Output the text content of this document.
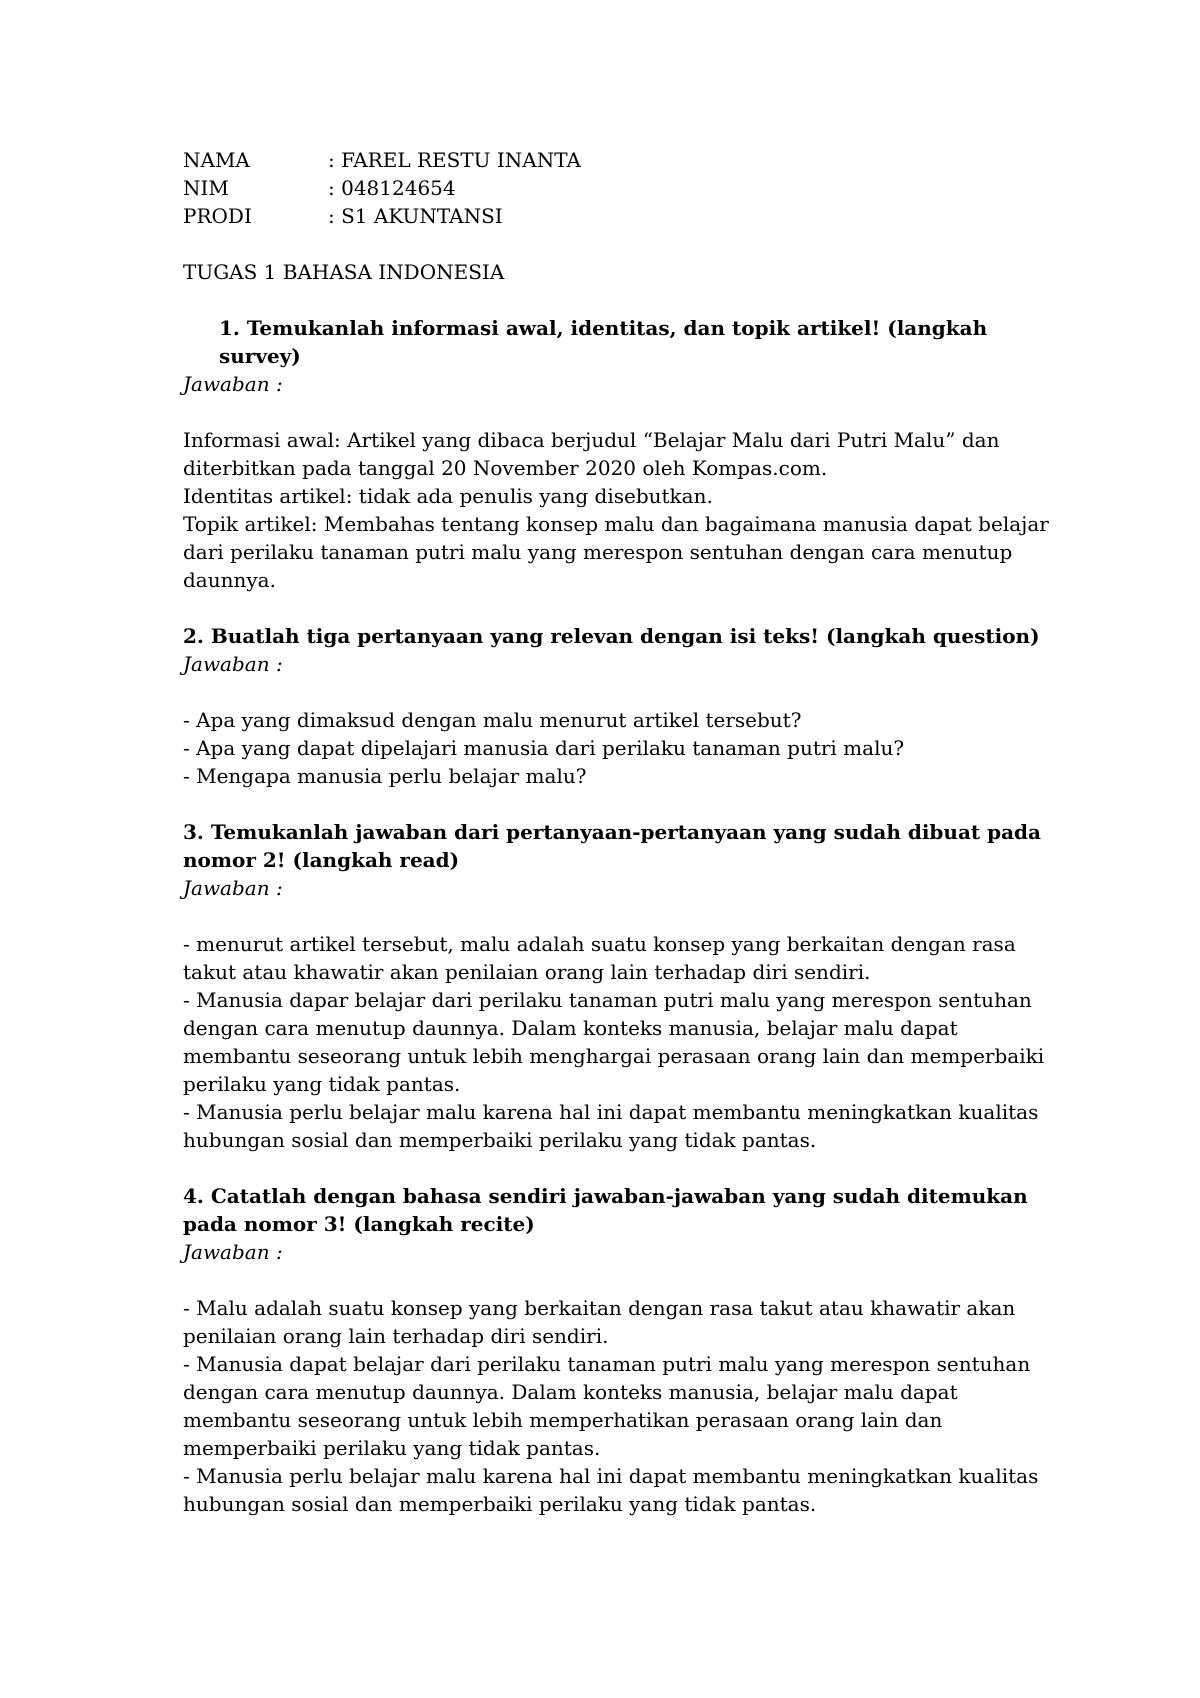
NAMA	: FAREL RESTU INANTA
NIM	: 048124654
PRODI	: S1 AKUNTANSI
TUGAS 1 BAHASA INDONESIA
1. Temukanlah informasi awal, identitas, dan topik artikel! (langkah survey)
Jawaban :

Informasi awal: Artikel yang dibaca berjudul “Belajar Malu dari Putri Malu” dan diterbitkan pada tanggal 20 November 2020 oleh Kompas.com.

Identitas artikel: tidak ada penulis yang disebutkan.

Topik artikel: Membahas tentang konsep malu dan bagaimana manusia dapat belajar dari perilaku tanaman putri malu yang merespon sentuhan dengan cara menutup daunnya.

2. Buatlah tiga pertanyaan yang relevan dengan isi teks! (langkah question)
Jawaban :

- Apa yang dimaksud dengan malu menurut artikel tersebut?

- Apa yang dapat dipelajari manusia dari perilaku tanaman putri malu?

- Mengapa manusia perlu belajar malu?

3. Temukanlah jawaban dari pertanyaan-pertanyaan yang sudah dibuat pada nomor 2! (langkah read)
Jawaban :

- menurut artikel tersebut, malu adalah suatu konsep yang berkaitan dengan rasa takut atau khawatir akan penilaian orang lain terhadap diri sendiri.

- Manusia dapar belajar dari perilaku tanaman putri malu yang merespon sentuhan dengan cara menutup daunnya. Dalam konteks manusia, belajar malu dapat membantu seseorang untuk lebih menghargai perasaan orang lain dan memperbaiki perilaku yang tidak pantas.

- Manusia perlu belajar malu karena hal ini dapat membantu meningkatkan kualitas hubungan sosial dan memperbaiki perilaku yang tidak pantas.

4. Catatlah dengan bahasa sendiri jawaban-jawaban yang sudah ditemukan pada nomor 3! (langkah recite)
Jawaban :

- Malu adalah suatu konsep yang berkaitan dengan rasa takut atau khawatir akan penilaian orang lain terhadap diri sendiri.

- Manusia dapat belajar dari perilaku tanaman putri malu yang merespon sentuhan dengan cara menutup daunnya. Dalam konteks manusia, belajar malu dapat membantu seseorang untuk lebih memperhatikan perasaan orang lain dan memperbaiki perilaku yang tidak pantas.

- Manusia perlu belajar malu karena hal ini dapat membantu meningkatkan kualitas hubungan sosial dan memperbaiki perilaku yang tidak pantas.
